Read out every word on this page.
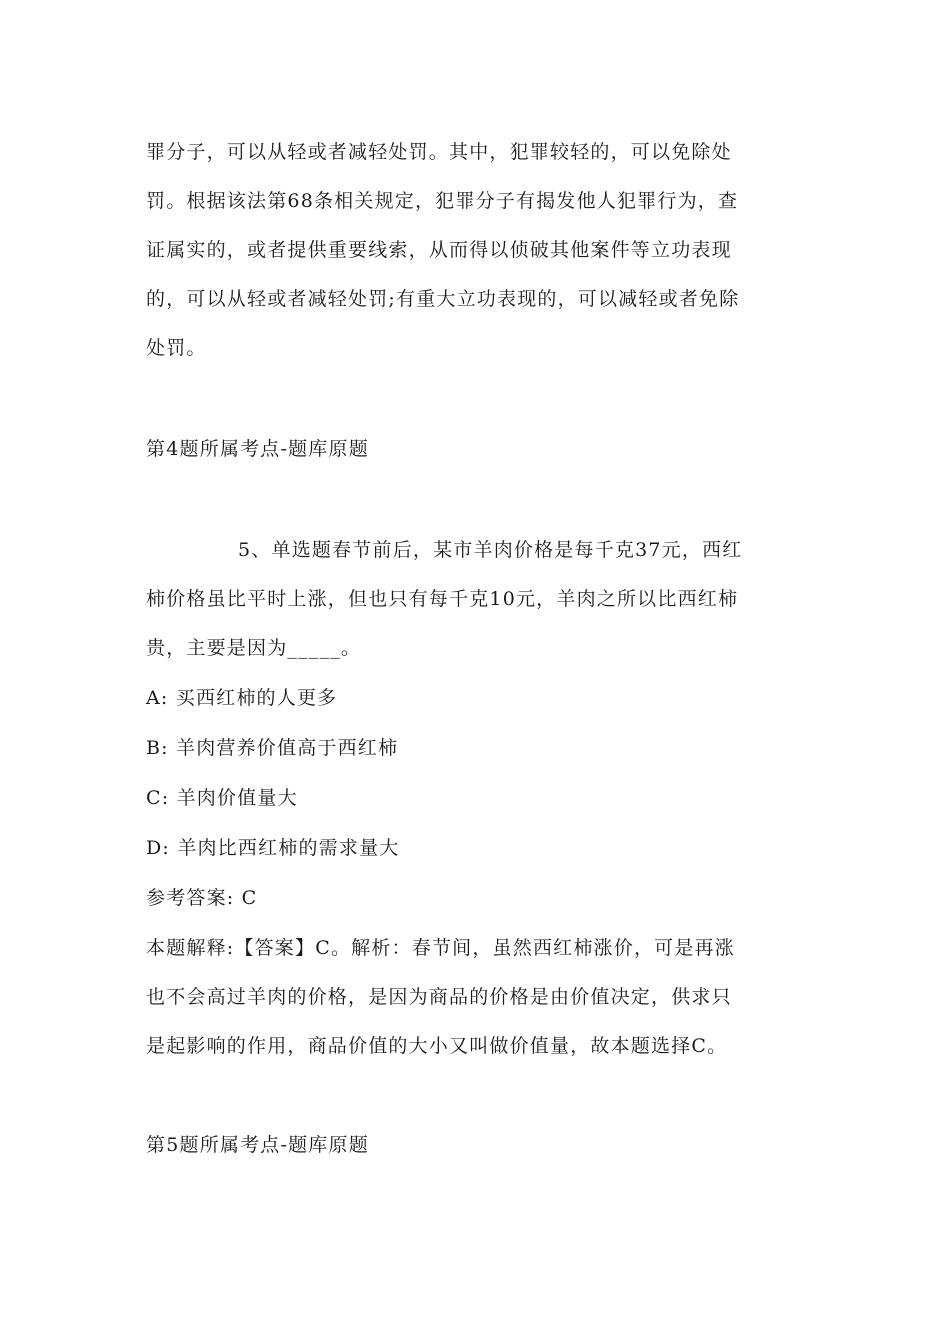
罪分子，可以从轻或者减轻处罚。其中，犯罪较轻的，可以免除处
罚。根据该法第68条相关规定，犯罪分子有揭发他人犯罪行为，查
证属实的，或者提供重要线索，从而得以侦破其他案件等立功表现
的，可以从轻或者减轻处罚;有重大立功表现的，可以减轻或者免除
处罚。
第4题所属考点-题库原题
5、单选题春节前后，某市羊肉价格是每千克37元，西红
柿价格虽比平时上涨，但也只有每千克10元，羊肉之所以比西红柿
贵，主要是因为_____。
A: 买西红柿的人更多
B: 羊肉营养价值高于西红柿
C: 羊肉价值量大
D: 羊肉比西红柿的需求量大
参考答案: C
本题解释:【答案】C。解析：春节间，虽然西红柿涨价，可是再涨
也不会高过羊肉的价格，是因为商品的价格是由价值决定，供求只
是起影响的作用，商品价值的大小又叫做价值量，故本题选择C。
第5题所属考点-题库原题
